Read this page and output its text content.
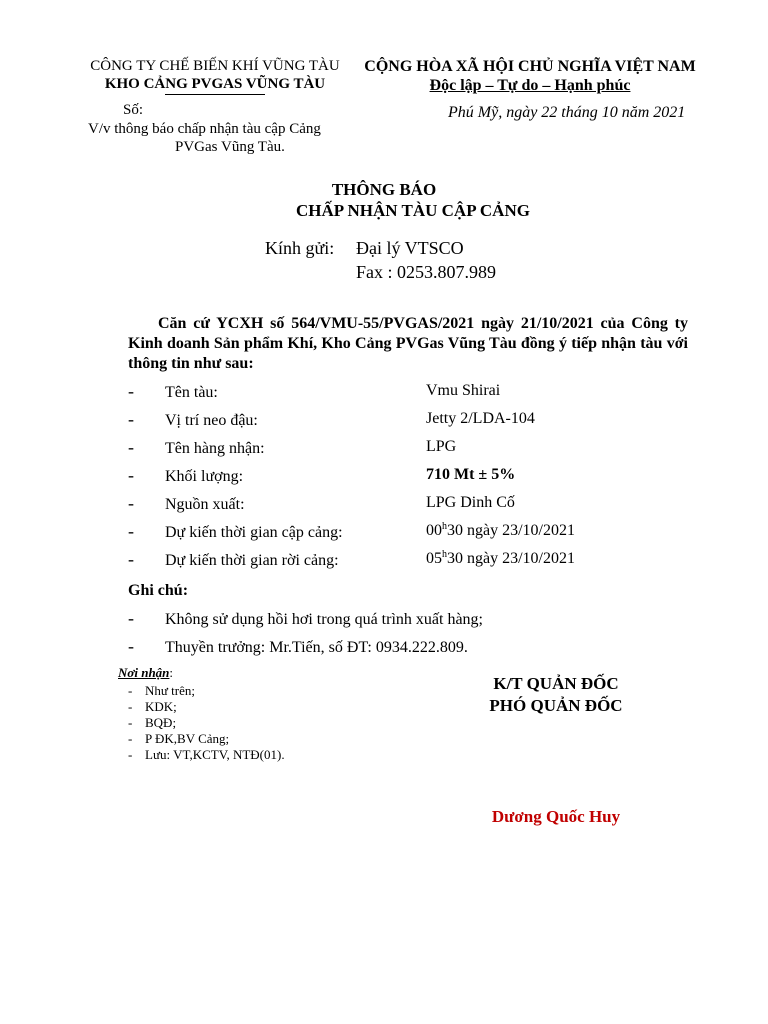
CÔNG TY CHẾ BIẾN KHÍ VŨNG TÀU
KHO CẢNG PVGAS VŨNG TÀU
Số:
V/v thông báo chấp nhận tàu cập Cảng
PVGas Vũng Tàu.
CỘNG HÒA XÃ HỘI CHỦ NGHĨA VIỆT NAM
Độc lập – Tự do – Hạnh phúc
Phú Mỹ, ngày 22 tháng 10 năm 2021
THÔNG BÁO
CHẤP NHẬN TÀU CẬP CẢNG
Kính gửi: Đại lý VTSCO
Fax : 0253.807.989
Căn cứ YCXH số 564/VMU-55/PVGAS/2021 ngày 21/10/2021 của Công ty Kinh doanh Sản phẩm Khí, Kho Cảng PVGas Vũng Tàu đồng ý tiếp nhận tàu với thông tin như sau:
- Tên tàu:	Vmu Shirai
- Vị trí neo đậu:	Jetty 2/LDA-104
- Tên hàng nhận:	LPG
- Khối lượng:	710 Mt ± 5%
- Nguồn xuất:	LPG Dinh Cố
- Dự kiến thời gian cập cảng:	00$^h$30 ngày 23/10/2021
- Dự kiến thời gian rời cảng:	05$^h$30 ngày 23/10/2021
Ghi chú:
- Không sử dụng hồi hơi trong quá trình xuất hàng;
- Thuyền trưởng: Mr.Tiến, số ĐT: 0934.222.809.
Nơi nhận:
- Như trên;
- KDK;
- BQĐ;
- P ĐK,BV Cảng;
- Lưu: VT,KCTV, NTĐ(01).
K/T QUẢN ĐỐC
PHÓ QUẢN ĐỐC
Dương Quốc Huy
